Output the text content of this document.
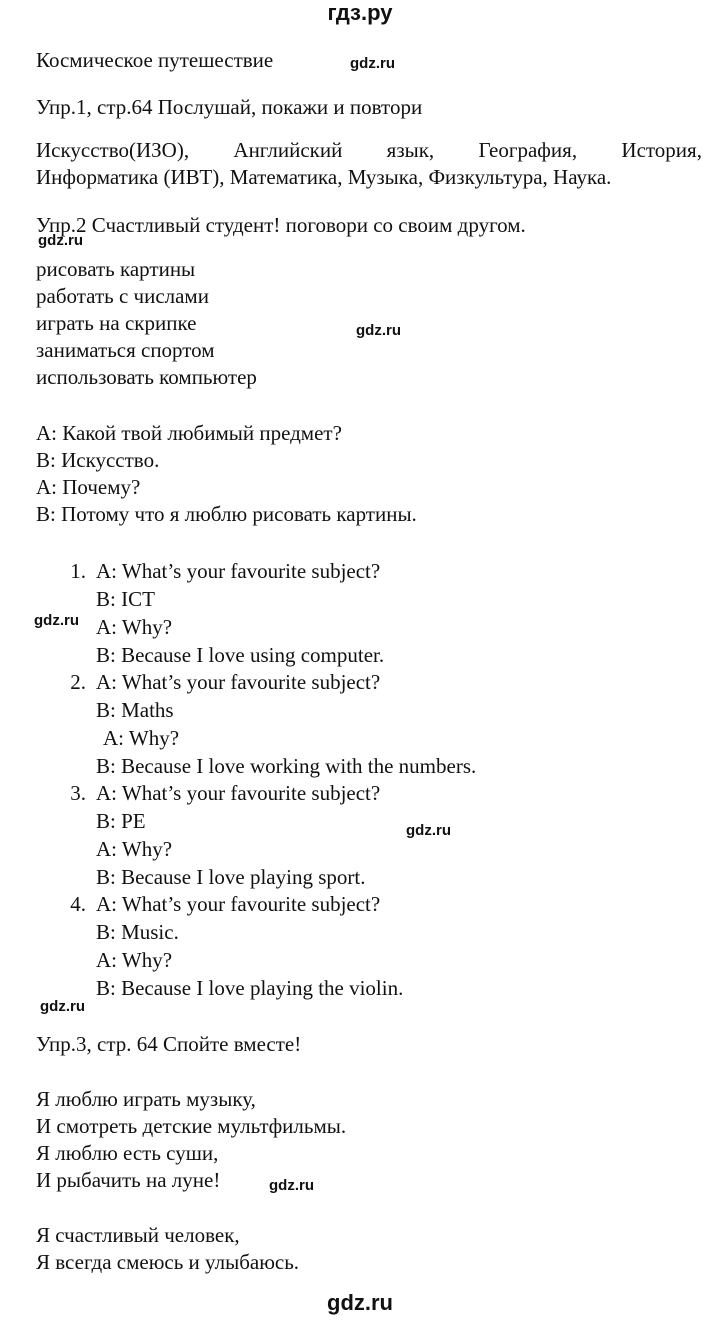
гдз.ру
gdz.ru
gdz.ru
gdz.ru
gdz.ru
gdz.ru
gdz.ru
gdz.ru
gdz.ru
Космическое путешествие
Упр.1, стр.64 Послушай, покажи и повтори
Искусство(ИЗО), Английский язык, География, История,
Информатика (ИВТ), Математика, Музыка, Физкультура, Наука.
Упр.2 Счастливый студент! поговори со своим другом.
рисовать картины
работать с числами
играть на скрипке
заниматься спортом
использовать компьютер
A: Какой твой любимый предмет?
B: Искусство.
A: Почему?
B: Потому что я люблю рисовать картины.
1. A: What’s your favourite subject?
B: ICT
A: Why?
B: Because I love using computer.
2. A: What’s your favourite subject?
B: Maths
A: Why?
B: Because I love working with the numbers.
3. A: What’s your favourite subject?
B: PE
A: Why?
B: Because I love playing sport.
4. A: What’s your favourite subject?
B: Music.
A: Why?
B: Because I love playing the violin.
Упр.3, стр. 64 Спойте вместе!
Я люблю играть музыку,
И смотреть детские мультфильмы.
Я люблю есть суши,
И рыбачить на луне!
Я счастливый человек,
Я всегда смеюсь и улыбаюсь.
